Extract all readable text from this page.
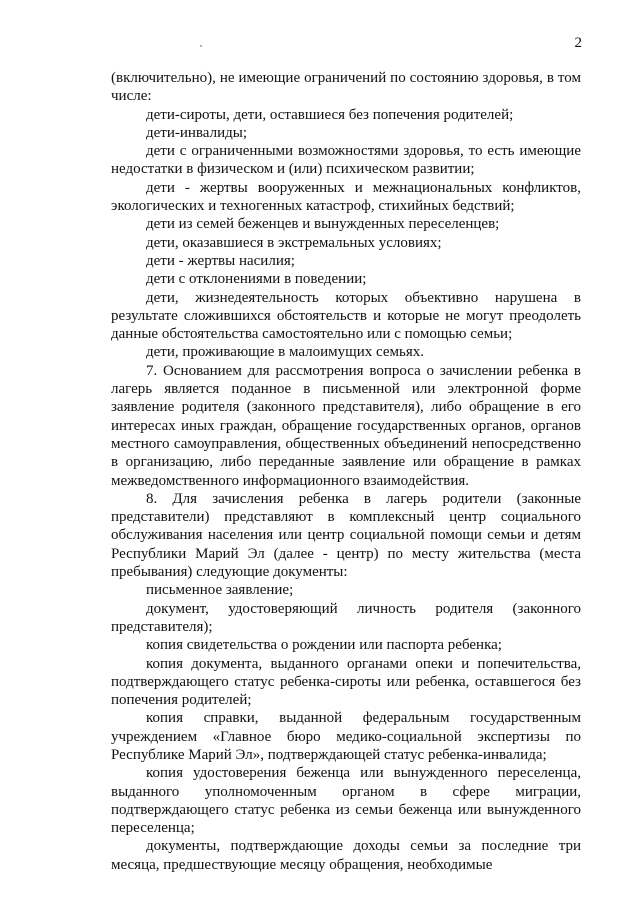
2

(включительно), не имеющие ограничений по состоянию здоровья, в том числе:

дети-сироты, дети, оставшиеся без попечения родителей;

дети-инвалиды;

дети с ограниченными возможностями здоровья, то есть имеющие недостатки в физическом и (или) психическом развитии;

дети - жертвы вооруженных и межнациональных конфликтов, экологических и техногенных катастроф, стихийных бедствий;

дети из семей беженцев и вынужденных переселенцев;

дети, оказавшиеся в экстремальных условиях;

дети - жертвы насилия;

дети с отклонениями в поведении;

дети, жизнедеятельность которых объективно нарушена в результате сложившихся обстоятельств и которые не могут преодолеть данные обстоятельства самостоятельно или с помощью семьи;

дети, проживающие в малоимущих семьях.

7. Основанием для рассмотрения вопроса о зачислении ребенка в лагерь является поданное в письменной или электронной форме заявление родителя (законного представителя), либо обращение в его интересах иных граждан, обращение государственных органов, органов местного самоуправления, общественных объединений непосредственно в организацию, либо переданные заявление или обращение в рамках межведомственного информационного взаимодействия.

8. Для зачисления ребенка в лагерь родители (законные представители) представляют в комплексный центр социального обслуживания населения или центр социальной помощи семьи и детям Республики Марий Эл (далее - центр) по месту жительства (места пребывания) следующие документы:

письменное заявление;

документ, удостоверяющий личность родителя (законного представителя);

копия свидетельства о рождении или паспорта ребенка;

копия документа, выданного органами опеки и попечительства, подтверждающего статус ребенка-сироты или ребенка, оставшегося без попечения родителей;

копия справки, выданной федеральным государственным учреждением «Главное бюро медико-социальной экспертизы по Республике Марий Эл», подтверждающей статус ребенка-инвалида;

копия удостоверения беженца или вынужденного переселенца, выданного уполномоченным органом в сфере миграции, подтверждающего статус ребенка из семьи беженца или вынужденного переселенца;

документы, подтверждающие доходы семьи за последние три месяца, предшествующие месяцу обращения, необходимые
